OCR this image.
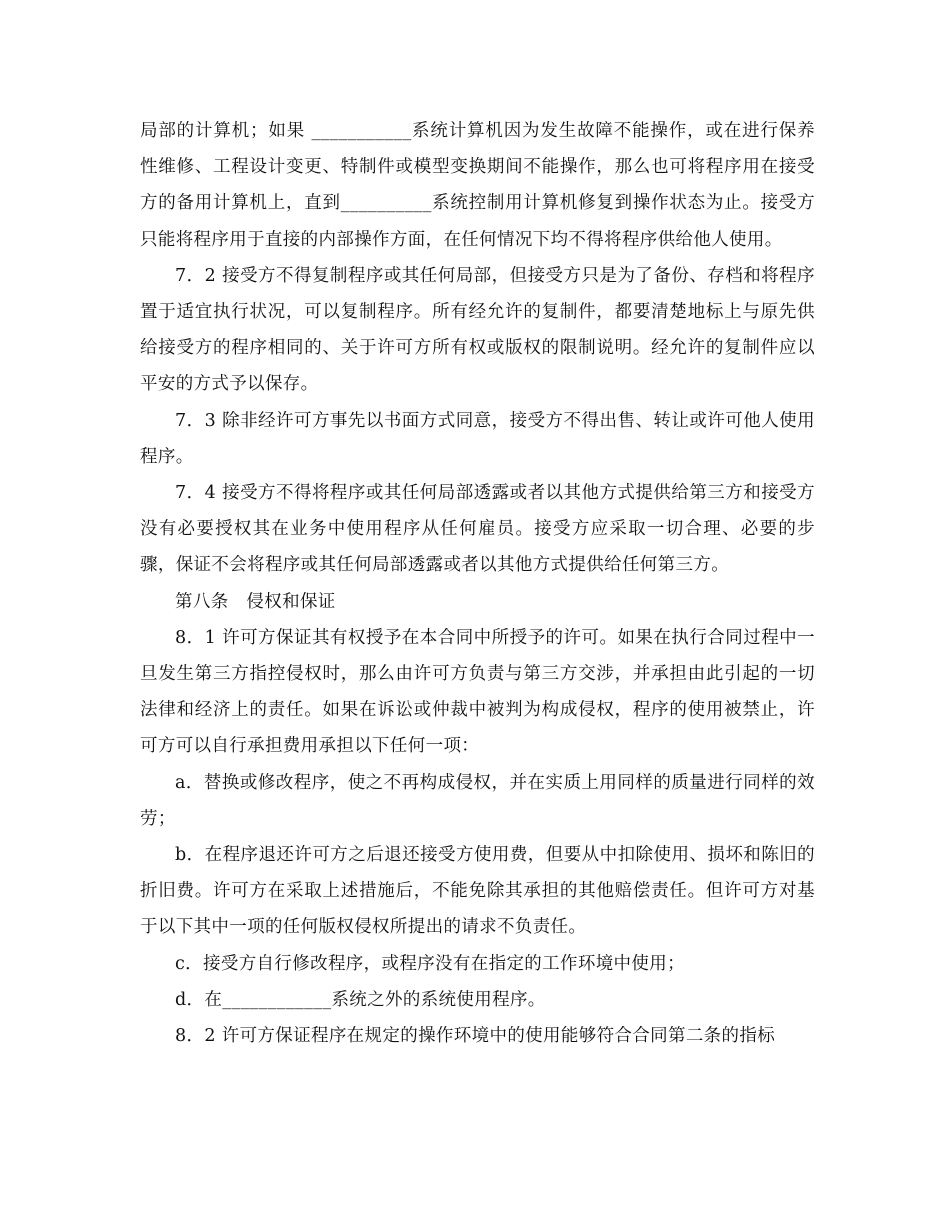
局部的计算机；如果 ___________系统计算机因为发生故障不能操作，或在进行保养性维修、工程设计变更、特制件或模型变换期间不能操作，那么也可将程序用在接受方的备用计算机上，直到__________系统控制用计算机修复到操作状态为止。接受方只能将程序用于直接的内部操作方面，在任何情况下均不得将程序供给他人使用。

7．2 接受方不得复制程序或其任何局部，但接受方只是为了备份、存档和将程序置于适宜执行状况，可以复制程序。所有经允许的复制件，都要清楚地标上与原先供给接受方的程序相同的、关于许可方所有权或版权的限制说明。经允许的复制件应以平安的方式予以保存。

7．3 除非经许可方事先以书面方式同意，接受方不得出售、转让或许可他人使用程序。

7．4 接受方不得将程序或其任何局部透露或者以其他方式提供给第三方和接受方没有必要授权其在业务中使用程序从任何雇员。接受方应采取一切合理、必要的步骤，保证不会将程序或其任何局部透露或者以其他方式提供给任何第三方。

第八条　侵权和保证

8．1 许可方保证其有权授予在本合同中所授予的许可。如果在执行合同过程中一旦发生第三方指控侵权时，那么由许可方负责与第三方交涉，并承担由此引起的一切法律和经济上的责任。如果在诉讼或仲裁中被判为构成侵权，程序的使用被禁止，许可方可以自行承担费用承担以下任何一项：

a．替换或修改程序，使之不再构成侵权，并在实质上用同样的质量进行同样的效劳；

b．在程序退还许可方之后退还接受方使用费，但要从中扣除使用、损坏和陈旧的折旧费。许可方在采取上述措施后，不能免除其承担的其他赔偿责任。但许可方对基于以下其中一项的任何版权侵权所提出的请求不负责任。

c．接受方自行修改程序，或程序没有在指定的工作环境中使用；

d．在____________系统之外的系统使用程序。

8．2 许可方保证程序在规定的操作环境中的使用能够符合合同第二条的指标
